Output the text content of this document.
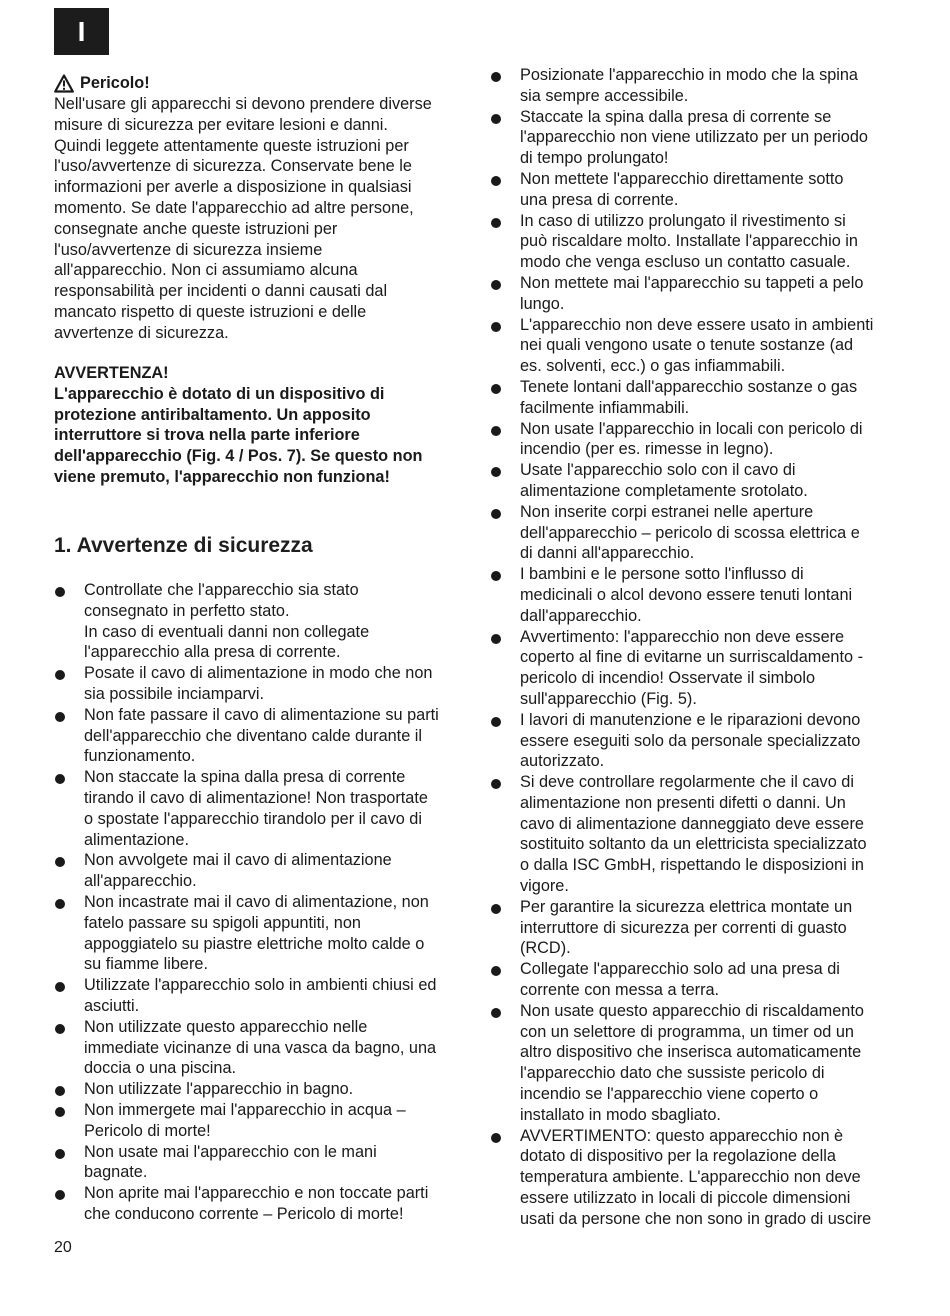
I
Pericolo!

Nell'usare gli apparecchi si devono prendere diverse
misure di sicurezza per evitare lesioni e danni.
Quindi leggete attentamente queste istruzioni per
l'uso/avvertenze di sicurezza. Conservate bene le
informazioni per averle a disposizione in qualsiasi
momento. Se date l'apparecchio ad altre persone,
consegnate anche queste istruzioni per
l'uso/avvertenze di sicurezza insieme
all'apparecchio. Non ci assumiamo alcuna
responsabilità per incidenti o danni causati dal
mancato rispetto di queste istruzioni e delle
avvertenze di sicurezza.

AVVERTENZA!

L'apparecchio è dotato di un dispositivo di
protezione antiribaltamento. Un apposito
interruttore si trova nella parte inferiore
dell'apparecchio (Fig. 4 / Pos. 7). Se questo non
viene premuto, l'apparecchio non funziona!

1. Avvertenze di sicurezza
Controllate che l'apparecchio sia stato
consegnato in perfetto stato.
In caso di eventuali danni non collegate
l'apparecchio alla presa di corrente.
Posate il cavo di alimentazione in modo che non
sia possibile inciamparvi.
Non fate passare il cavo di alimentazione su parti
dell'apparecchio che diventano calde durante il
funzionamento.
Non staccate la spina dalla presa di corrente
tirando il cavo di alimentazione! Non trasportate
o spostate l'apparecchio tirandolo per il cavo di
alimentazione.
Non avvolgete mai il cavo di alimentazione
all'apparecchio.
Non incastrate mai il cavo di alimentazione, non
fatelo passare su spigoli appuntiti, non
appoggiatelo su piastre elettriche molto calde o
su fiamme libere.
Utilizzate l'apparecchio solo in ambienti chiusi ed
asciutti.
Non utilizzate questo apparecchio nelle
immediate vicinanze di una vasca da bagno, una
doccia o una piscina.
Non utilizzate l'apparecchio in bagno.
Non immergete mai l'apparecchio in acqua –
Pericolo di morte!
Non usate mai l'apparecchio con le mani
bagnate.
Non aprite mai l'apparecchio e non toccate parti
che conducono corrente – Pericolo di morte!
Posizionate l'apparecchio in modo che la spina
sia sempre accessibile.
Staccate la spina dalla presa di corrente se
l'apparecchio non viene utilizzato per un periodo
di tempo prolungato!
Non mettete l'apparecchio direttamente sotto
una presa di corrente.
In caso di utilizzo prolungato il rivestimento si
può riscaldare molto. Installate l'apparecchio in
modo che venga escluso un contatto casuale.
Non mettete mai l'apparecchio su tappeti a pelo
lungo.
L'apparecchio non deve essere usato in ambienti
nei quali vengono usate o tenute sostanze (ad
es. solventi, ecc.) o gas infiammabili.
Tenete lontani dall'apparecchio sostanze o gas
facilmente infiammabili.
Non usate l'apparecchio in locali con pericolo di
incendio (per es. rimesse in legno).
Usate l'apparecchio solo con il cavo di
alimentazione completamente srotolato.
Non inserite corpi estranei nelle aperture
dell'apparecchio – pericolo di scossa elettrica e
di danni all'apparecchio.
I bambini e le persone sotto l'influsso di
medicinali o alcol devono essere tenuti lontani
dall'apparecchio.
Avvertimento: l'apparecchio non deve essere
coperto al fine di evitarne un surriscaldamento -
pericolo di incendio! Osservate il simbolo
sull'apparecchio (Fig. 5).
I lavori di manutenzione e le riparazioni devono
essere eseguiti solo da personale specializzato
autorizzato.
Si deve controllare regolarmente che il cavo di
alimentazione non presenti difetti o danni. Un
cavo di alimentazione danneggiato deve essere
sostituito soltanto da un elettricista specializzato
o dalla ISC GmbH, rispettando le disposizioni in
vigore.
Per garantire la sicurezza elettrica montate un
interruttore di sicurezza per correnti di guasto
(RCD).
Collegate l'apparecchio solo ad una presa di
corrente con messa a terra.
Non usate questo apparecchio di riscaldamento
con un selettore di programma, un timer od un
altro dispositivo che inserisca automaticamente
l'apparecchio dato che sussiste pericolo di
incendio se l'apparecchio viene coperto o
installato in modo sbagliato.
AVVERTIMENTO: questo apparecchio non è
dotato di dispositivo per la regolazione della
temperatura ambiente. L'apparecchio non deve
essere utilizzato in locali di piccole dimensioni
usati da persone che non sono in grado di uscire
20
